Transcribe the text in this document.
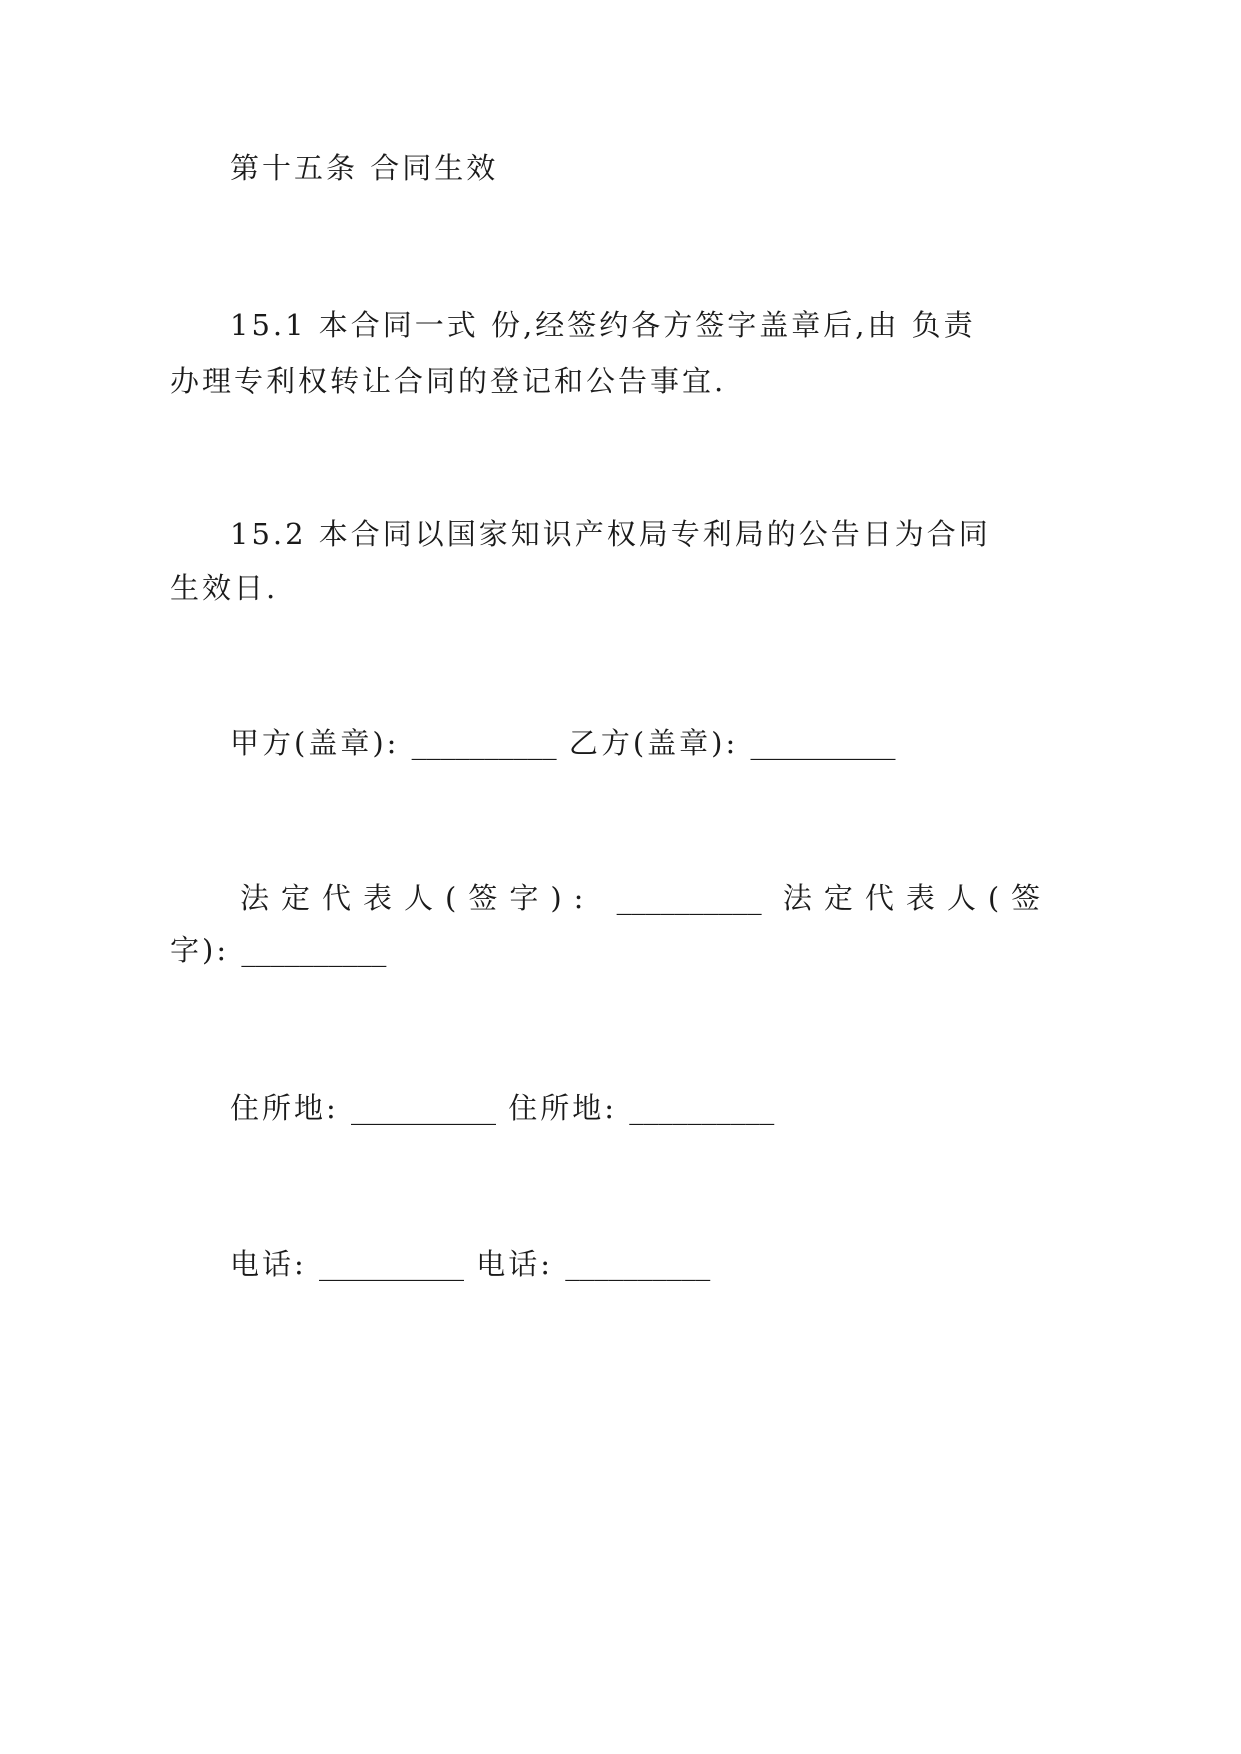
第十五条 合同生效
15.1 本合同一式 份,经签约各方签字盖章后,由 负责
办理专利权转让合同的登记和公告事宜.
15.2 本合同以国家知识产权局专利局的公告日为合同
生效日.
甲方(盖章): __________ 乙方(盖章): __________
法定代表人(签字): __________ 法定代表人(签
字): __________
住所地: __________ 住所地: __________
电话: __________ 电话: __________
